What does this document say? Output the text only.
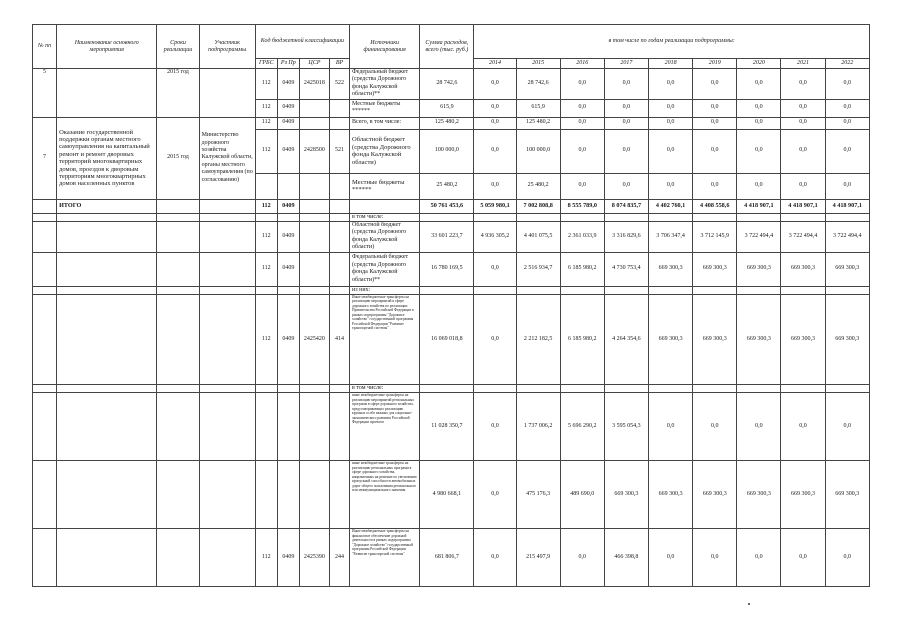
№ пп	Наименование основного мероприятия	Сроки реализации	Участник подпрограммы	Код бюджетной классификации				Источники финансирования	Сумма расходов, всего (тыс. руб.)	в том числе по годам реализации подпрограммы:								
				ГРБС	Рз Пр	ЦСР	ВР			2014	2015	2016	2017	2018	2019	2020	2021	2022
5		2015 год		112	0409	2425018	522	Федеральный бюджет (средства Дорожного фонда Калужской области)**	28 742,6	0,0	28 742,6	0,0	0,0	0,0	0,0	0,0	0,0	0,0
				112	0409			Местные бюджеты ******	615,9	0,0	615,9	0,0	0,0	0,0	0,0	0,0	0,0	0,0
7	Оказание государственной поддержки органам местного самоуправления на капитальный ремонт и ремонт дворовых территорий многоквартирных домов, проездов к дворовым территориям многоквартирных домов населенных пунктов	2015 год	Министерство дорожного хозяйства Калужской области, органы местного самоуправления (по согласованию)	112	0409			Всего, в том числе:	125 480,2	0,0	125 480,2	0,0	0,0	0,0	0,0	0,0	0,0	0,0
				112	0409	2428500	521	Областной бюджет (средства Дорожного фонда Калужской области)	100 000,0	0,0	100 000,0	0,0	0,0	0,0	0,0	0,0	0,0	0,0
								Местные бюджеты ******	25 480,2	0,0	25 480,2	0,0	0,0	0,0	0,0	0,0	0,0	0,0
	ИТОГО			112	0409				50 761 453,6	5 059 980,1	7 002 808,8	8 555 789,0	8 074 835,7	4 402 760,1	4 408 558,6	4 418 907,1	4 418 907,1	4 418 907,1
								в том числе:										
				112	0409			Областной бюджет (средства Дорожного фонда Калужской области)	33 601 223,7	4 936 305,2	4 401 075,5	2 361 033,9	3 316 829,6	3 706 347,4	3 712 145,9	3 722 494,4	3 722 494,4	3 722 494,4
				112	0409			Федеральный бюджет (средства Дорожного фонда Калужской области)**	16 780 169,5	0,0	2 516 934,7	6 185 980,2	4 730 753,4	669 300,3	669 300,3	669 300,3	669 300,3	669 300,3
								из них:										
				112	0409	2425420	414	Иные межбюджетные трансферты на реализацию мероприятий в сфере дорожного хозяйства по реализации Правительства Российской Федерации в рамках подпрограммы "Дорожное хозяйство" государственной программы Российской Федерации "Развитие транспортной системы"	16 069 018,8	0,0	2 212 182,5	6 185 980,2	4 264 354,6	669 300,3	669 300,3	669 300,3	669 300,3	669 300,3
								в том числе:										

								иные межбюджетные трансферты на реализацию мероприятий региональных программ в сфере дорожного хозяйства, предусматривающих реализацию крупных особо важных для социально-экономического развития Российской Федерации проектов	11 028 350,7	0,0	1 737 006,2	5 696 290,2	3 595 054,3	0,0	0,0	0,0	0,0	0,0

								иные межбюджетные трансферты на реализацию региональных программ в сфере дорожного хозяйства, направленных на решение по увеличению пропускной способности автомобильных дорог общего пользования регионального или межмуниципального значения	4 980 668,1	0,0	475 176,3	489 690,0	669 300,3	669 300,3	669 300,3	669 300,3	669 300,3	669 300,3
				112	0409	2425390	244	Иные межбюджетные трансферты на финансовое обеспечение дорожной деятельности в рамках подпрограммы "Дорожное хозяйство" государственной программы Российской Федерации "Развитие транспортной системы"	681 806,7	0,0	215 497,9	0,0	466 398,8	0,0	0,0	0,0	0,0	0,0
